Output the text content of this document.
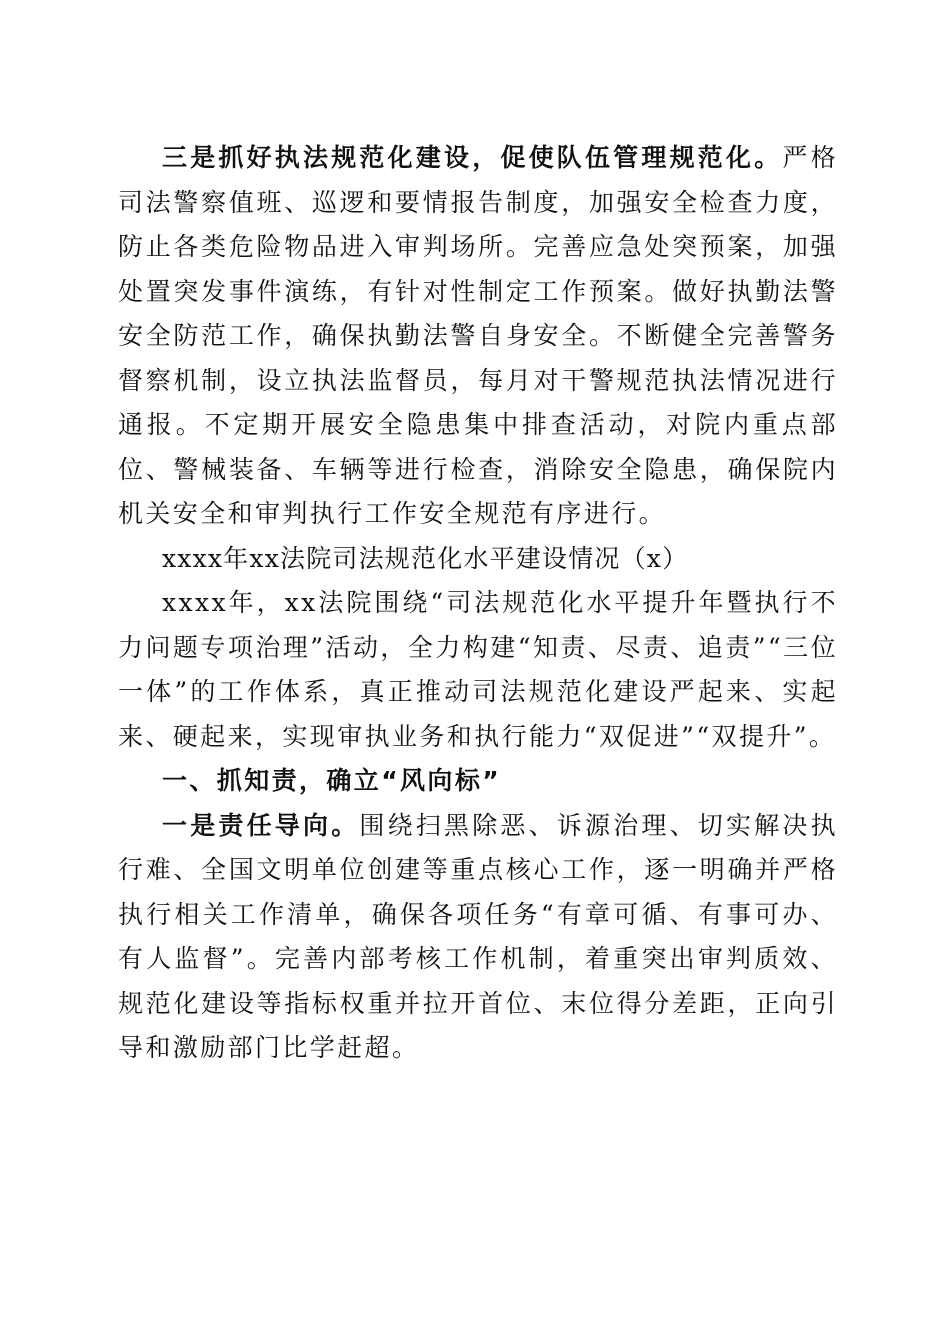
三是抓好执法规范化建设，促使队伍管理规范化。严格司法警察值班、巡逻和要情报告制度，加强安全检查力度，防止各类危险物品进入审判场所。完善应急处突预案，加强处置突发事件演练，有针对性制定工作预案。做好执勤法警安全防范工作，确保执勤法警自身安全。不断健全完善警务督察机制，设立执法监督员，每月对干警规范执法情况进行通报。不定期开展安全隐患集中排查活动，对院内重点部位、警械装备、车辆等进行检查，消除安全隐患，确保院内机关安全和审判执行工作安全规范有序进行。

xxxx年xx法院司法规范化水平建设情况（x）

xxxx年，xx法院围绕“司法规范化水平提升年暨执行不力问题专项治理”活动，全力构建“知责、尽责、追责”“三位一体”的工作体系，真正推动司法规范化建设严起来、实起来、硬起来，实现审执业务和执行能力“双促进”“双提升”。

一、抓知责，确立“风向标”

一是责任导向。围绕扫黑除恶、诉源治理、切实解决执行难、全国文明单位创建等重点核心工作，逐一明确并严格执行相关工作清单，确保各项任务“有章可循、有事可办、有人监督”。完善内部考核工作机制，着重突出审判质效、规范化建设等指标权重并拉开首位、末位得分差距，正向引导和激励部门比学赶超。
